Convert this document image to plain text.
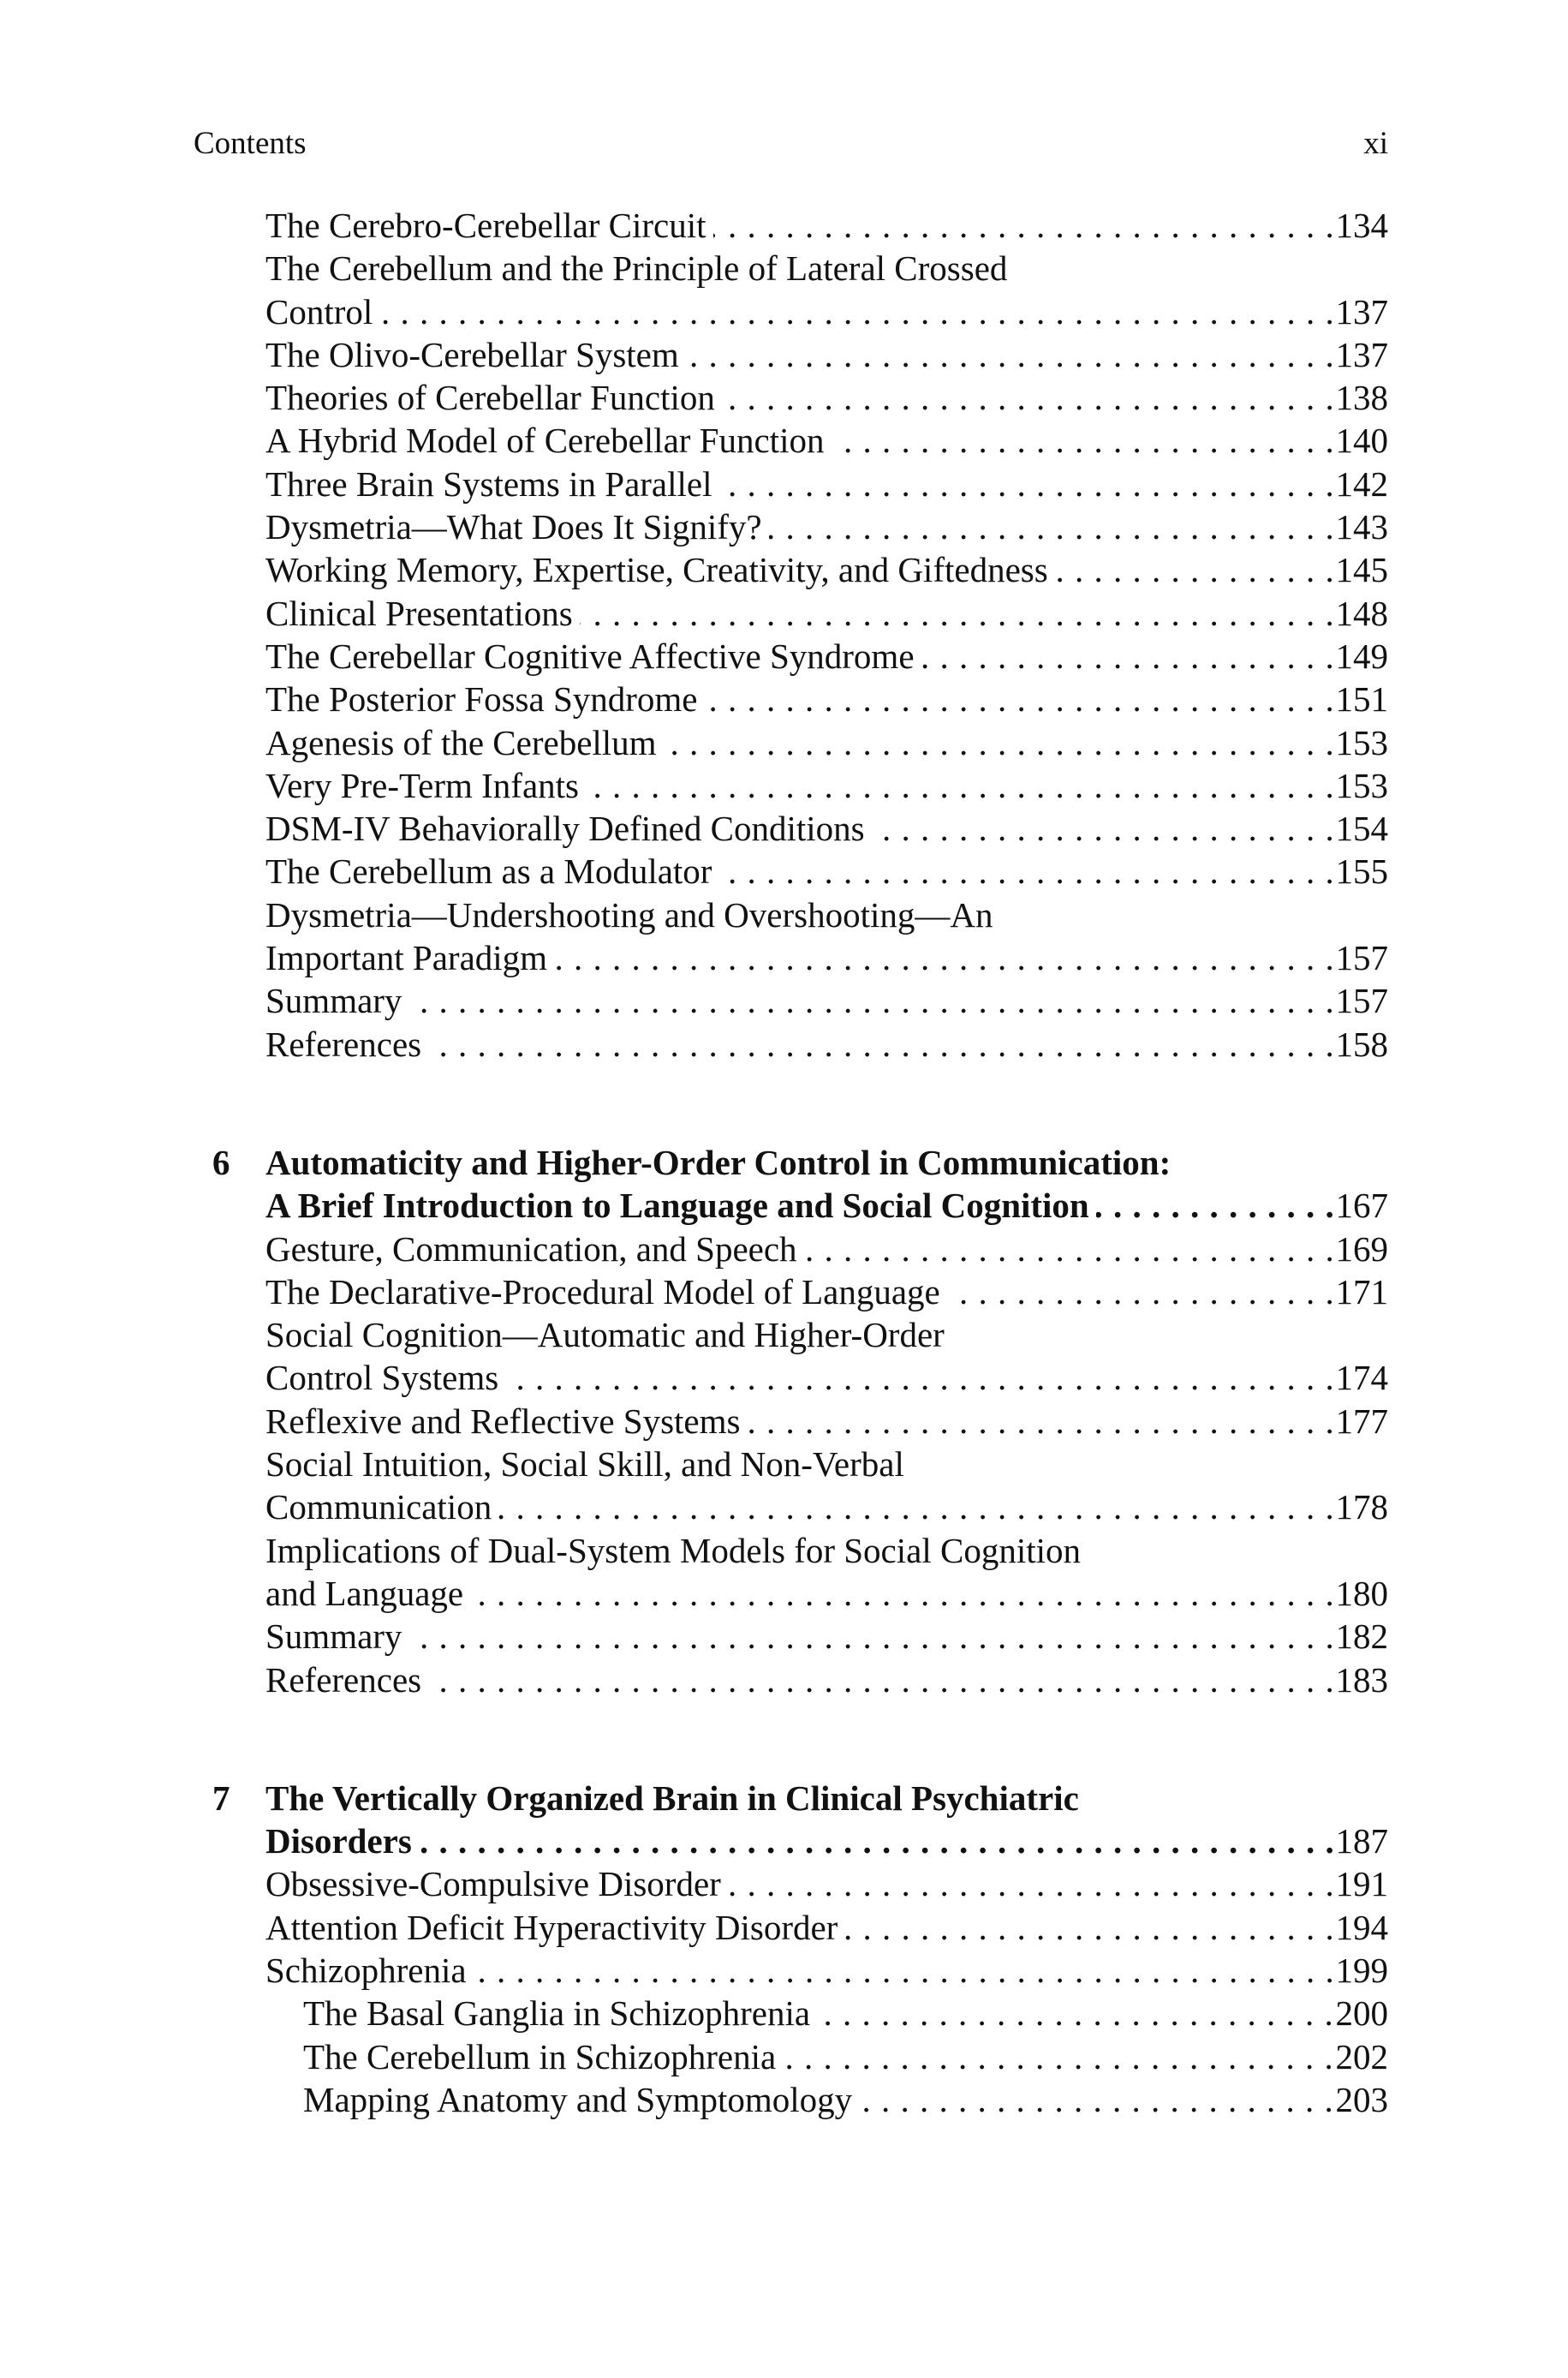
Contents	xi
The Cerebro-Cerebellar Circuit . . .	134
The Cerebellum and the Principle of Lateral Crossed
Control . . .	137
The Olivo-Cerebellar System . . .	137
Theories of Cerebellar Function . . .	138
A Hybrid Model of Cerebellar Function . . .	140
Three Brain Systems in Parallel . . .	142
Dysmetria—What Does It Signify? . . .	143
Working Memory, Expertise, Creativity, and Giftedness . . .	145
Clinical Presentations . . .	148
The Cerebellar Cognitive Affective Syndrome . . .	149
The Posterior Fossa Syndrome . . .	151
Agenesis of the Cerebellum . . .	153
Very Pre-Term Infants . . .	153
DSM-IV Behaviorally Defined Conditions . . .	154
The Cerebellum as a Modulator . . .	155
Dysmetria—Undershooting and Overshooting—An
Important Paradigm . . .	157
Summary . . .	157
References . . .	158
6 Automaticity and Higher-Order Control in Communication:
A Brief Introduction to Language and Social Cognition . . .	167
Gesture, Communication, and Speech . . .	169
The Declarative-Procedural Model of Language . . .	171
Social Cognition—Automatic and Higher-Order
Control Systems . . .	174
Reflexive and Reflective Systems . . .	177
Social Intuition, Social Skill, and Non-Verbal
Communication . . .	178
Implications of Dual-System Models for Social Cognition
and Language . . .	180
Summary . . .	182
References . . .	183
7 The Vertically Organized Brain in Clinical Psychiatric
Disorders . . .	187
Obsessive-Compulsive Disorder . . .	191
Attention Deficit Hyperactivity Disorder . . .	194
Schizophrenia . . .	199
The Basal Ganglia in Schizophrenia . . .	200
The Cerebellum in Schizophrenia . . .	202
Mapping Anatomy and Symptomology . . .	203
